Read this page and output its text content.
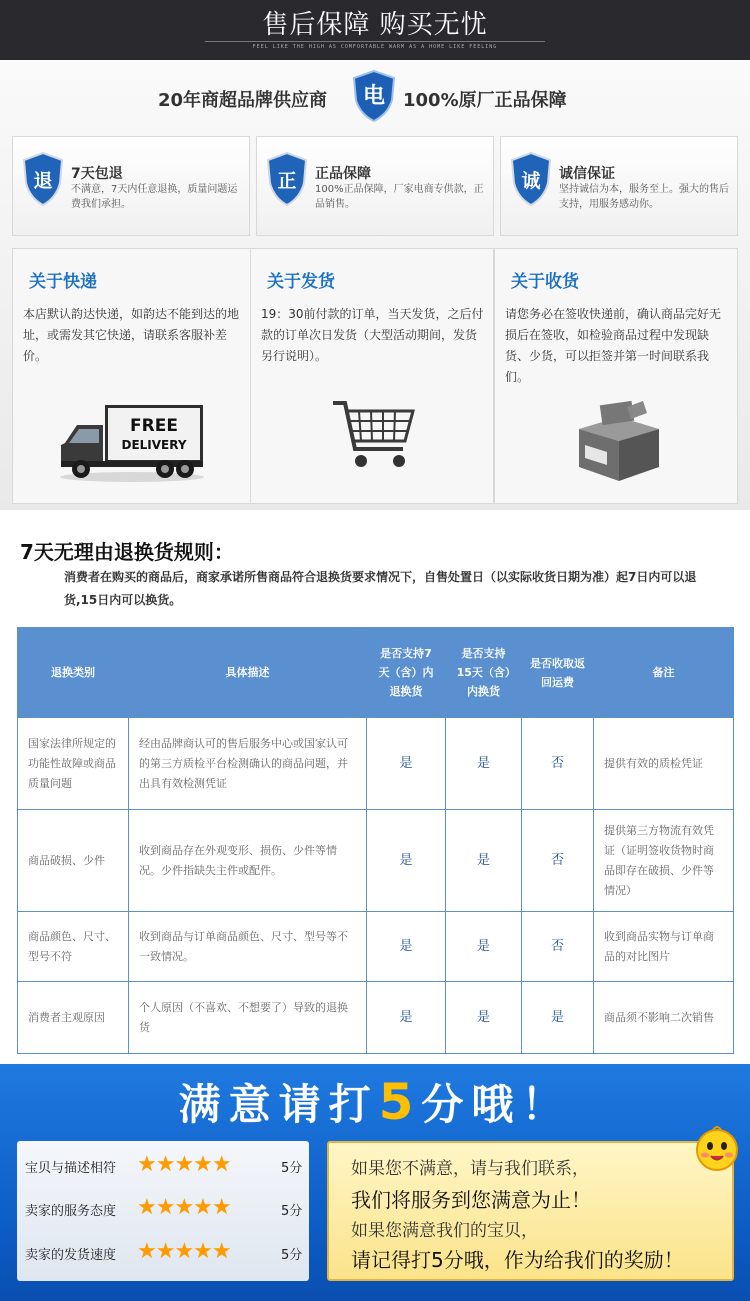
售后保障 购买无忧
FEEL LIKE THE HIGH AS COMFORTABLE WARM AS A HOME LIKE FEELING
20年商超品牌供应商 电 100%原厂正品保障
退 7天包退
不满意，7天内任意退换，质量问题运费我们承担。
正 正品保障
100%正品保障，厂家电商专供款，正品销售。
诚 诚信保证
坚持诚信为本，服务至上。强大的售后支持，用服务感动你。
关于快递
本店默认韵达快递，如韵达不能到达的地址，或需发其它快递，请联系客服补差价。
FREE
DELIVERY
关于发货
19：30前付款的订单，当天发货，之后付款的订单次日发货（大型活动期间，发货另行说明）。
关于收货
请您务必在签收快递前，确认商品完好无损后在签收，如检验商品过程中发现缺货、少货，可以拒签并第一时间联系我们。
7天无理由退换货规则：
消费者在购买的商品后，商家承诺所售商品符合退换货要求情况下，自售处置日（以实际收货日期为准）起7日内可以退货,15日内可以换货。
退换类别	具体描述	是否支持7天（含）内退换货	是否支持15天（含）内换货	是否收取返回运费	备注
国家法律所规定的功能性故障或商品质量问题	经由品牌商认可的售后服务中心或国家认可的第三方质检平台检测确认的商品问题，并出具有效检测凭证	是	是	否	提供有效的质检凭证
商品破损、少件	收到商品存在外观变形、损伤、少件等情况。少件指缺失主件或配件。	是	是	否	提供第三方物流有效凭证（证明签收货物时商品即存在破损、少件等情况）
商品颜色、尺寸、型号不符	收到商品与订单商品颜色、尺寸、型号等不一致情况。	是	是	否	收到商品实物与订单商品的对比图片
消费者主观原因	个人原因（不喜欢、不想要了）导致的退换货	是	是	是	商品须不影响二次销售
满意请打5分哦！
宝贝与描述相符 ★★★★★	5分
卖家的服务态度 ★★★★★	5分
卖家的发货速度 ★★★★★	5分
如果您不满意，请与我们联系，
我们将服务到您满意为止！
如果您满意我们的宝贝，
请记得打5分哦，作为给我们的奖励！
